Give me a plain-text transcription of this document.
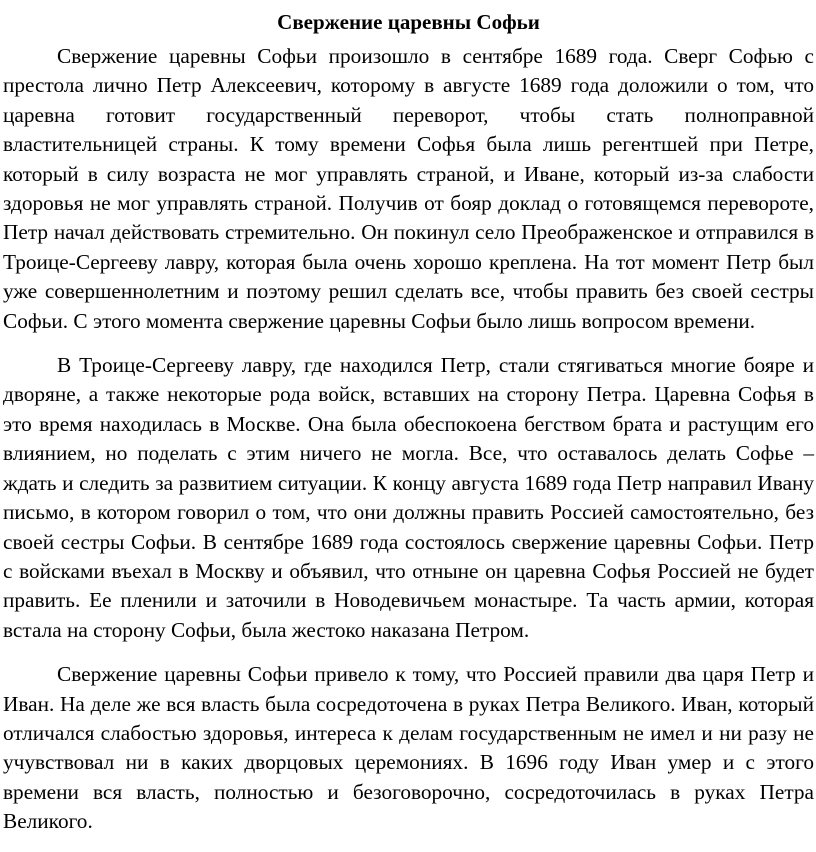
Свержение царевны Софьи

Свержение царевны Софьи произошло в сентябре 1689 года. Сверг Софью с престола лично Петр Алексеевич, которому в августе 1689 года доложили о том, что царевна готовит государственный переворот, чтобы стать полноправной властительницей страны. К тому времени Софья была лишь регентшей при Петре, который в силу возраста не мог управлять страной, и Иване, который из-за слабости здоровья не мог управлять страной. Получив от бояр доклад о готовящемся перевороте, Петр начал действовать стремительно. Он покинул село Преображенское и отправился в Троице-Сергееву лавру, которая была очень хорошо креплена. На тот момент Петр был уже совершеннолетним и поэтому решил сделать все, чтобы править без своей сестры Софьи. С этого момента свержение царевны Софьи было лишь вопросом времени.

В Троице-Сергееву лавру, где находился Петр, стали стягиваться многие бояре и дворяне, а также некоторые рода войск, вставших на сторону Петра. Царевна Софья в это время находилась в Москве. Она была обеспокоена бегством брата и растущим его влиянием, но поделать с этим ничего не могла. Все, что оставалось делать Софье – ждать и следить за развитием ситуации. К концу августа 1689 года Петр направил Ивану письмо, в котором говорил о том, что они должны править Россией самостоятельно, без своей сестры Софьи. В сентябре 1689 года состоялось свержение царевны Софьи. Петр с войсками въехал в Москву и объявил, что отныне он царевна Софья Россией не будет править. Ее пленили и заточили в Новодевичьем монастыре. Та часть армии, которая встала на сторону Софьи, была жестоко наказана Петром.

Свержение царевны Софьи привело к тому, что Россией правили два царя Петр и Иван. На деле же вся власть была сосредоточена в руках Петра Великого. Иван, который отличался слабостью здоровья, интереса к делам государственным не имел и ни разу не учувствовал ни в каких дворцовых церемониях. В 1696 году Иван умер и с этого времени вся власть, полностью и безоговорочно, сосредоточилась в руках Петра Великого.
